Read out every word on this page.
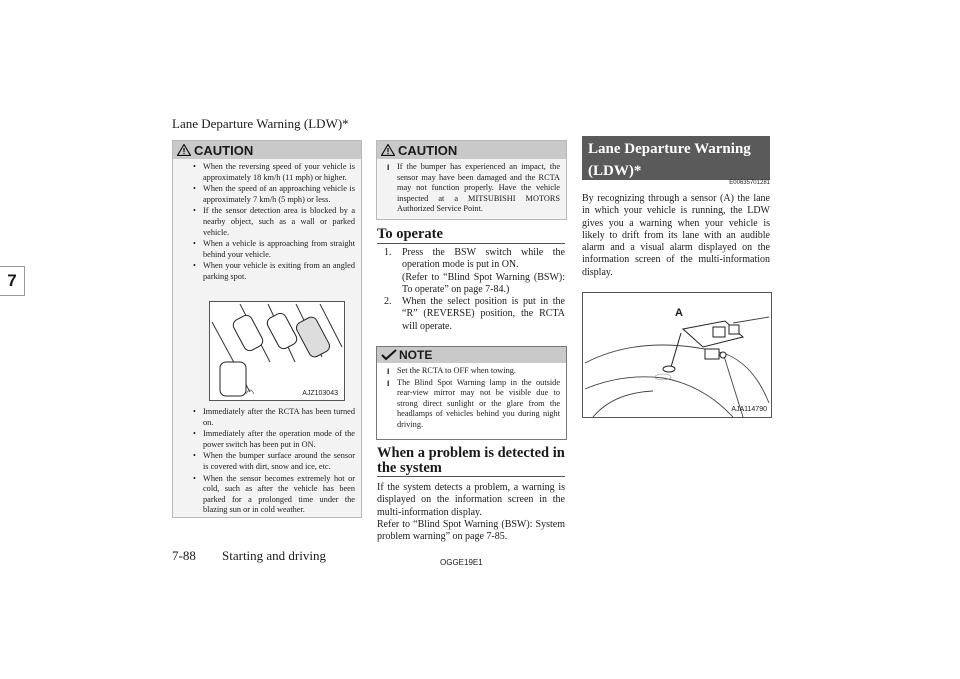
Lane Departure Warning (LDW)*
7
CAUTION
• When the reversing speed of your vehicle is approximately 18 km/h (11 mph) or higher.
• When the speed of an approaching vehicle is approximately 7 km/h (5 mph) or less.
• If the sensor detection area is blocked by a nearby object, such as a wall or parked vehicle.
• When a vehicle is approaching from straight behind your vehicle.
• When your vehicle is exiting from an angled parking spot.
AJZ103043
• Immediately after the RCTA has been turned on.
• Immediately after the operation mode of the power switch has been put in ON.
• When the bumper surface around the sensor is covered with dirt, snow and ice, etc.
• When the sensor becomes extremely hot or cold, such as after the vehicle has been parked for a prolonged time under the blazing sun or in cold weather.
CAUTION
l If the bumper has experienced an impact, the sensor may have been damaged and the RCTA may not function properly. Have the vehicle inspected at a MITSUBISHI MOTORS Authorized Service Point.
To operate
1.	Press the BSW switch while the operation mode is put in ON.
(Refer to “Blind Spot Warning (BSW): To operate” on page 7-84.)
2.	When the select position is put in the “R” (REVERSE) position, the RCTA will operate.
NOTE
l Set the RCTA to OFF when towing.
l The Blind Spot Warning lamp in the outside rear-view mirror may not be visible due to strong direct sunlight or the glare from the headlamps of vehicles behind you during night driving.
When a problem is detected in the system
If the system detects a problem, a warning is displayed on the information screen in the multi-information display.
Refer to “Blind Spot Warning (BSW): System problem warning” on page 7-85.
Lane Departure Warning (LDW)*
E00635701281
By recognizing through a sensor (A) the lane in which your vehicle is running, the LDW gives you a warning when your vehicle is likely to drift from its lane with an audible alarm and a visual alarm displayed on the information screen of the multi-information display.
A
AJA114790
7-88 Starting and driving	OGGE19E1
